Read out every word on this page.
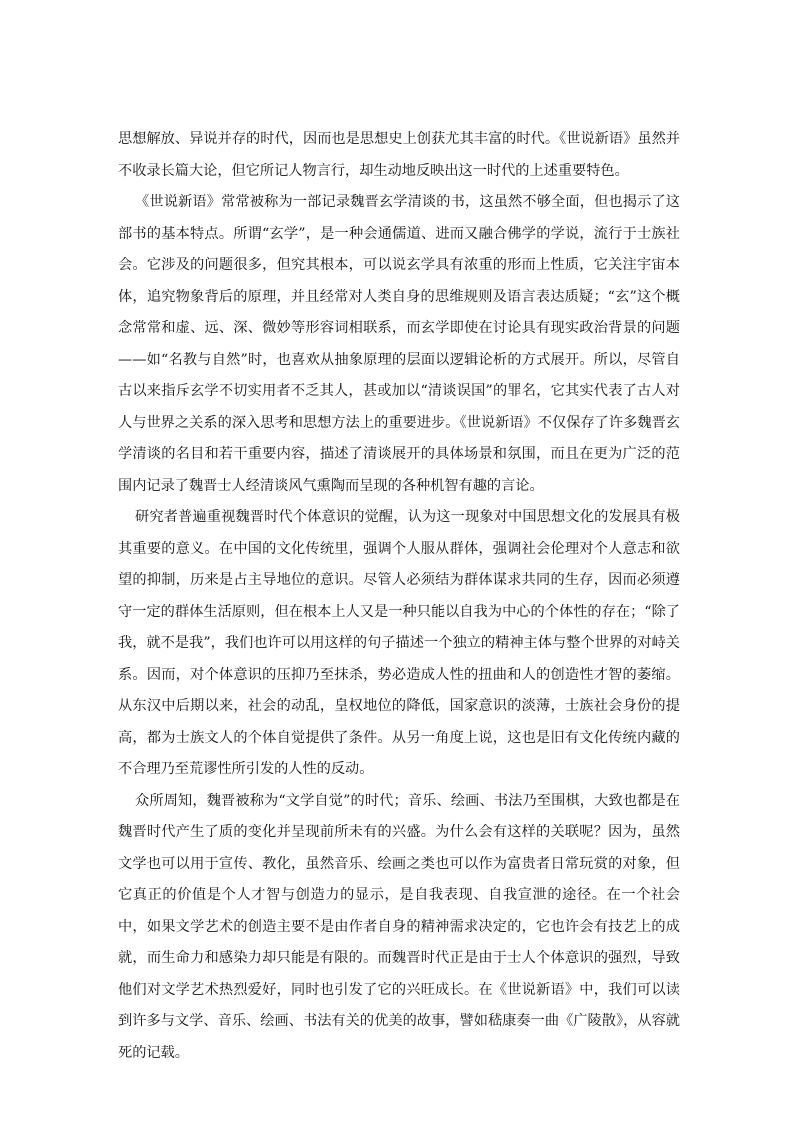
思想解放、异说并存的时代，因而也是思想史上创获尤其丰富的时代。《世说新语》虽然并不收录长篇大论，但它所记人物言行，却生动地反映出这一时代的上述重要特色。

《世说新语》常常被称为一部记录魏晋玄学清谈的书，这虽然不够全面，但也揭示了这部书的基本特点。所谓“玄学”，是一种会通儒道、进而又融合佛学的学说，流行于士族社会。它涉及的问题很多，但究其根本，可以说玄学具有浓重的形而上性质，它关注宇宙本体，追究物象背后的原理，并且经常对人类自身的思维规则及语言表达质疑；“玄”这个概念常常和虚、远、深、微妙等形容词相联系，而玄学即使在讨论具有现实政治背景的问题——如“名教与自然”时，也喜欢从抽象原理的层面以逻辑论析的方式展开。所以，尽管自古以来指斥玄学不切实用者不乏其人，甚或加以“清谈误国”的罪名，它其实代表了古人对人与世界之关系的深入思考和思想方法上的重要进步。《世说新语》不仅保存了许多魏晋玄学清谈的名目和若干重要内容，描述了清谈展开的具体场景和氛围，而且在更为广泛的范围内记录了魏晋士人经清谈风气熏陶而呈现的各种机智有趣的言论。

研究者普遍重视魏晋时代个体意识的觉醒，认为这一现象对中国思想文化的发展具有极其重要的意义。在中国的文化传统里，强调个人服从群体，强调社会伦理对个人意志和欲望的抑制，历来是占主导地位的意识。尽管人必须结为群体谋求共同的生存，因而必须遵守一定的群体生活原则，但在根本上人又是一种只能以自我为中心的个体性的存在；“除了我，就不是我”，我们也许可以用这样的句子描述一个独立的精神主体与整个世界的对峙关系。因而，对个体意识的压抑乃至抹杀，势必造成人性的扭曲和人的创造性才智的萎缩。从东汉中后期以来，社会的动乱，皇权地位的降低，国家意识的淡薄，士族社会身份的提高，都为士族文人的个体自觉提供了条件。从另一角度上说，这也是旧有文化传统内藏的不合理乃至荒谬性所引发的人性的反动。

众所周知，魏晋被称为“文学自觉”的时代；音乐、绘画、书法乃至围棋，大致也都是在魏晋时代产生了质的变化并呈现前所未有的兴盛。为什么会有这样的关联呢？因为，虽然文学也可以用于宣传、教化，虽然音乐、绘画之类也可以作为富贵者日常玩赏的对象，但它真正的价值是个人才智与创造力的显示，是自我表现、自我宣泄的途径。在一个社会中，如果文学艺术的创造主要不是由作者自身的精神需求决定的，它也许会有技艺上的成就，而生命力和感染力却只能是有限的。而魏晋时代正是由于士人个体意识的强烈，导致他们对文学艺术热烈爱好，同时也引发了它的兴旺成长。在《世说新语》中，我们可以读到许多与文学、音乐、绘画、书法有关的优美的故事，譬如嵇康奏一曲《广陵散》，从容就死的记载。
